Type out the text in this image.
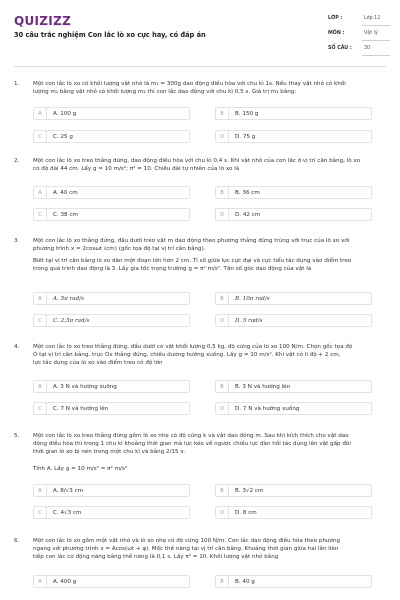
QUIZIZZ
30 câu trắc nghiệm Con lắc lò xo cực hay, có đáp án
LỚP :	Lớp 12
MÔN :	Vật lý
SỐ CÂU :	30
1. Một con lắc lò xo có khối lượng vật nhỏ là m₁ = 300g dao động điều hòa với chu kì 1s. Nếu thay vật nhỏ có khối
lượng m₁ bằng vật nhỏ có khối lượng m₂ thì con lắc dao động với chu kì 0,5 s. Giá trị m₂ bằng:
A	A. 100 g	B	B. 150 g
C	C. 25 g	D	D. 75 g
2. Một con lắc lò xo treo thẳng đứng, dao động điều hòa với chu kì 0,4 s. Khi vật nhỏ của con lắc ở vị trí cân bằng, lò xo
có độ dài 44 cm. Lấy g = 10 m/s²; π² = 10. Chiều dài tự nhiên của lò xo là
A	A. 40 cm	B	B. 36 cm
C	C. 38 cm	D	D. 42 cm
3. Một con lắc lò xo thẳng đứng, đầu dưới treo vật m dao động theo phương thẳng đứng trùng với trục của lò xo với
phương trình x = 2cosωt (cm) (gốc tọa độ tại vị trí cân bằng).
Biết tại vị trí cân bằng lò xo dãn một đoạn lớn hơn 2 cm. Tỉ số giữa lực cực đại và cực tiểu tác dụng vào điểm treo
trong quá trình dao động là 3. Lấy gia tốc trọng trường g = π² m/s². Tần số góc dao động của vật là
A	A. 5π rad/s	B	B. 10π rad/s
C	C. 2,5π rad/s	D	D. 5 rad/s
4. Một con lắc lò xo treo thẳng đứng, đầu dưới có vật khối lượng 0,5 kg, độ cứng của lò xo 100 N/m. Chọn gốc tọa độ
O tại vị trí cân bằng, trục Ox thẳng đứng, chiều dương hướng xuống. Lấy g = 10 m/s². Khi vật có li độ + 2 cm,
lực tác dụng của lò xo vào điểm treo có độ lớn
A	A. 3 N và hướng xuống	B	B. 3 N và hướng lên
C	C. 7 N và hướng lên	D	D. 7 N và hướng xuống
5. Một con lắc lò xo treo thẳng đứng gồm lò xo nhẹ có độ cứng k và vật dao động m. Sau khi kích thích cho vật dao
động điều hòa thì trong 1 chu kì khoảng thời gian mà lực kéo về ngược chiều lực đàn hồi tác dụng lên vật gấp đôi
thời gian lò xo bị nén trong một chu kì và bằng 2/15 s.
Tính A. Lấy g = 10 m/s² = π² m/s²
A	A. 8/√3 cm	B	B. 3√2 cm
C	C. 4√3 cm	D	D. 8 cm
6. Một con lắc lò xo gồm một vật nhỏ và lò xo nhẹ có độ cứng 100 N/m. Con lắc dao động điều hòa theo phương
ngang với phương trình x = Acos(ωt + φ). Mốc thế năng tại vị trí cân bằng. Khoảng thời gian giữa hai lần liên
tiếp con lắc có động năng bằng thế năng là 0,1 s. Lấy π² = 10. Khối lượng vật nhỏ bằng
A	A. 400 g	B	B. 40 g
